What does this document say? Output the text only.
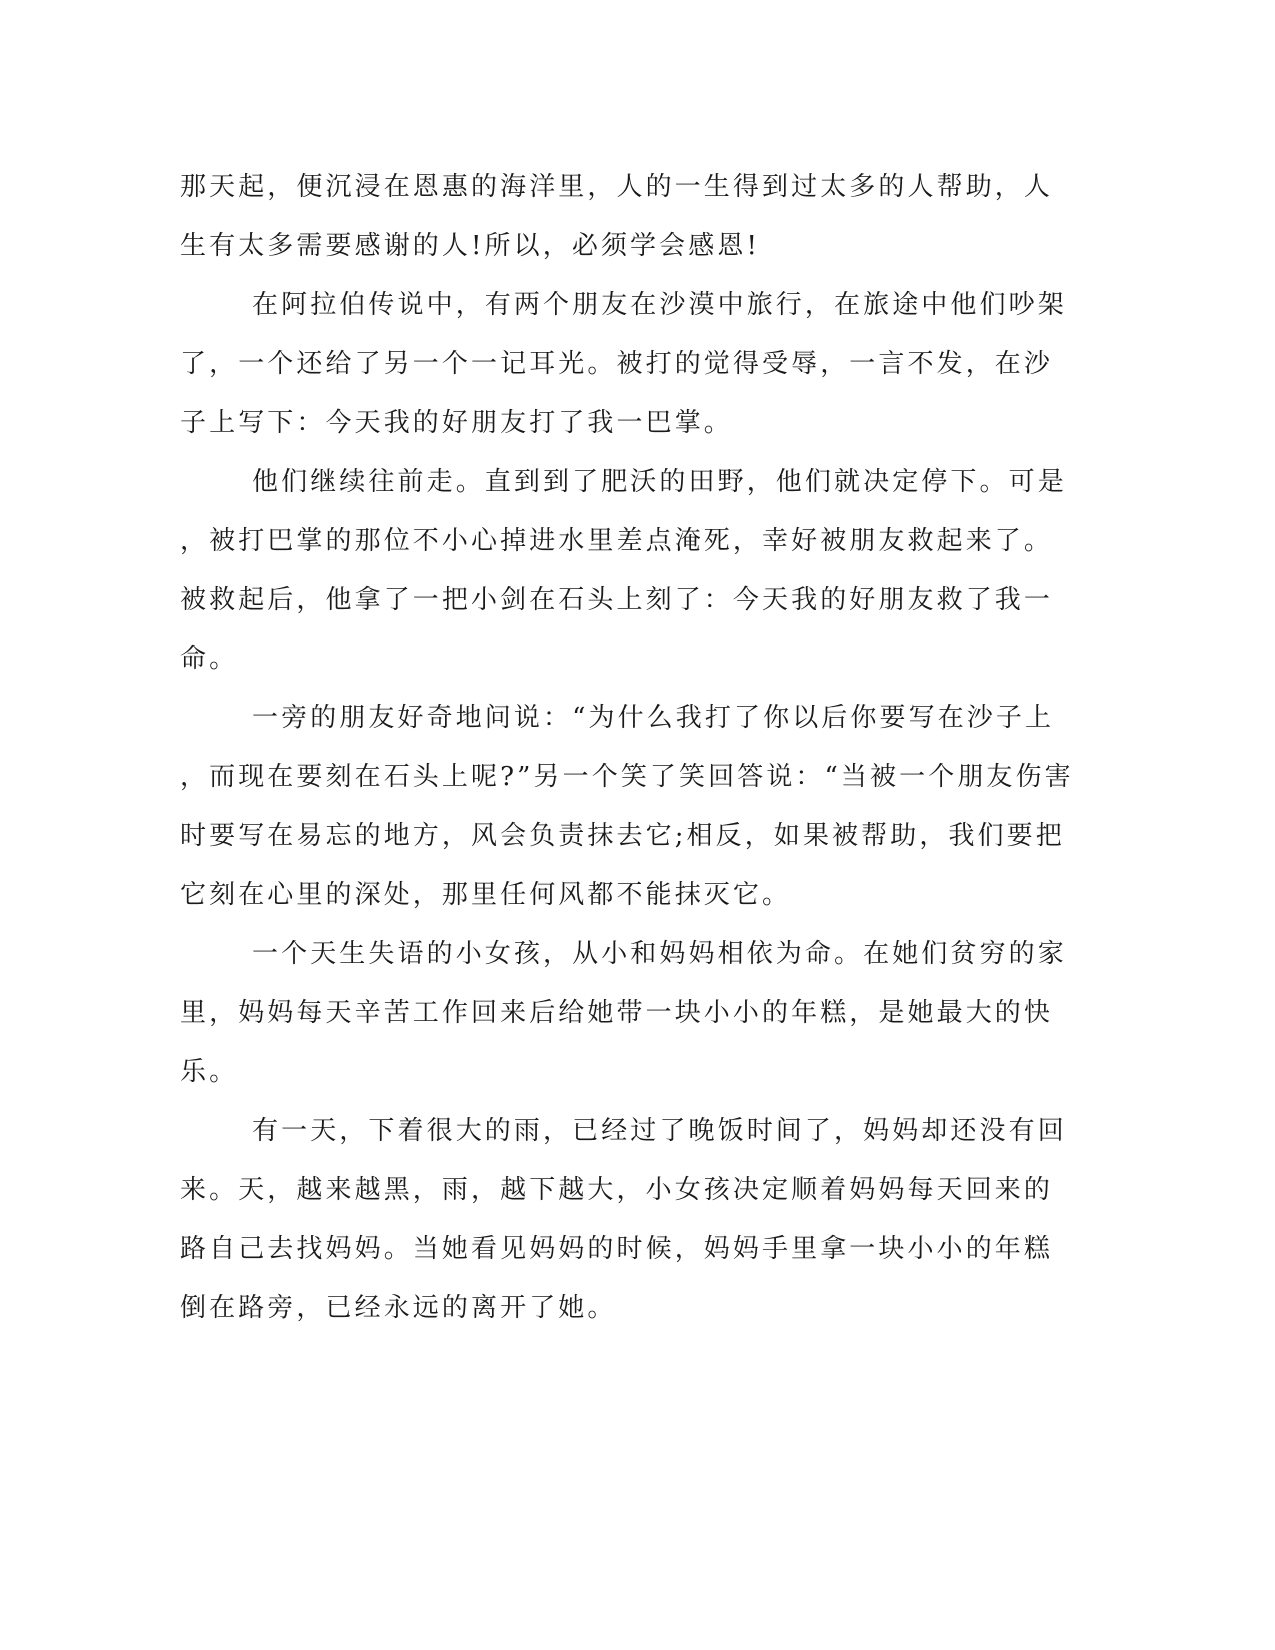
那天起，便沉浸在恩惠的海洋里，人的一生得到过太多的人帮助，人
生有太多需要感谢的人!所以，必须学会感恩!
在阿拉伯传说中，有两个朋友在沙漠中旅行，在旅途中他们吵架
了，一个还给了另一个一记耳光。被打的觉得受辱，一言不发，在沙
子上写下：今天我的好朋友打了我一巴掌。
他们继续往前走。直到到了肥沃的田野，他们就决定停下。可是
，被打巴掌的那位不小心掉进水里差点淹死，幸好被朋友救起来了。
被救起后，他拿了一把小剑在石头上刻了：今天我的好朋友救了我一
命。
一旁的朋友好奇地问说：“为什么我打了你以后你要写在沙子上
，而现在要刻在石头上呢?”另一个笑了笑回答说：“当被一个朋友伤害
时要写在易忘的地方，风会负责抹去它;相反，如果被帮助，我们要把
它刻在心里的深处，那里任何风都不能抹灭它。
一个天生失语的小女孩，从小和妈妈相依为命。在她们贫穷的家
里，妈妈每天辛苦工作回来后给她带一块小小的年糕，是她最大的快
乐。
有一天，下着很大的雨，已经过了晚饭时间了，妈妈却还没有回
来。天，越来越黑，雨，越下越大，小女孩决定顺着妈妈每天回来的
路自己去找妈妈。当她看见妈妈的时候，妈妈手里拿一块小小的年糕
倒在路旁，已经永远的离开了她。
